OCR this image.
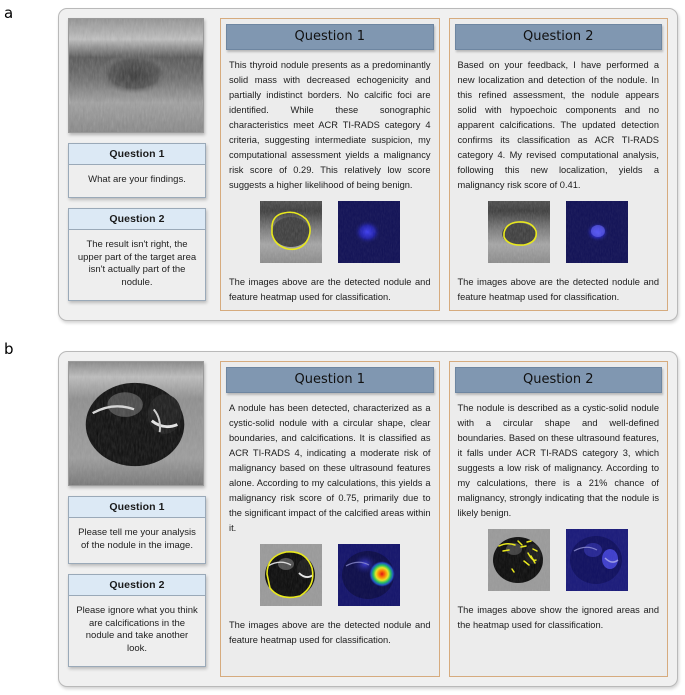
a
Question 1
What are your findings.
Question 2
The result isn't right, the upper part of the target area isn't actually part of the nodule.
Question 1
This thyroid nodule presents as a predominantly solid mass with decreased echogenicity and partially indistinct borders. No calcific foci are identified. While these sonographic characteristics meet ACR TI-RADS category 4 criteria, suggesting intermediate suspicion, my computational assessment yields a malignancy risk score of 0.29. This relatively low score suggests a higher likelihood of being benign.
The images above are the detected nodule and feature heatmap used for classification.
Question 2
Based on your feedback, I have performed a new localization and detection of the nodule. In this refined assessment, the nodule appears solid with hypoechoic components and no apparent calcifications. The updated detection confirms its classification as ACR TI-RADS category 4. My revised computational analysis, following this new localization, yields a malignancy risk score of 0.41.
The images above are the detected nodule and feature heatmap used for classification.
b
Question 1
Please tell me your analysis of the nodule in the image.
Question 2
Please ignore what you think are calcifications in the nodule and take another look.
Question 1
A nodule has been detected, characterized as a cystic-solid nodule with a circular shape, clear boundaries, and calcifications. It is classified as ACR TI-RADS 4, indicating a moderate risk of malignancy based on these ultrasound features alone. According to my calculations, this yields a malignancy risk score of 0.75, primarily due to the significant impact of the calcified areas within it.
The images above are the detected nodule and feature heatmap used for classification.
Question 2
The nodule is described as a cystic-solid nodule with a circular shape and well-defined boundaries. Based on these ultrasound features, it falls under ACR TI-RADS category 3, which suggests a low risk of malignancy. According to my calculations, there is a 21% chance of malignancy, strongly indicating that the nodule is likely benign.
The images above show the ignored areas and the heatmap used for classification.
